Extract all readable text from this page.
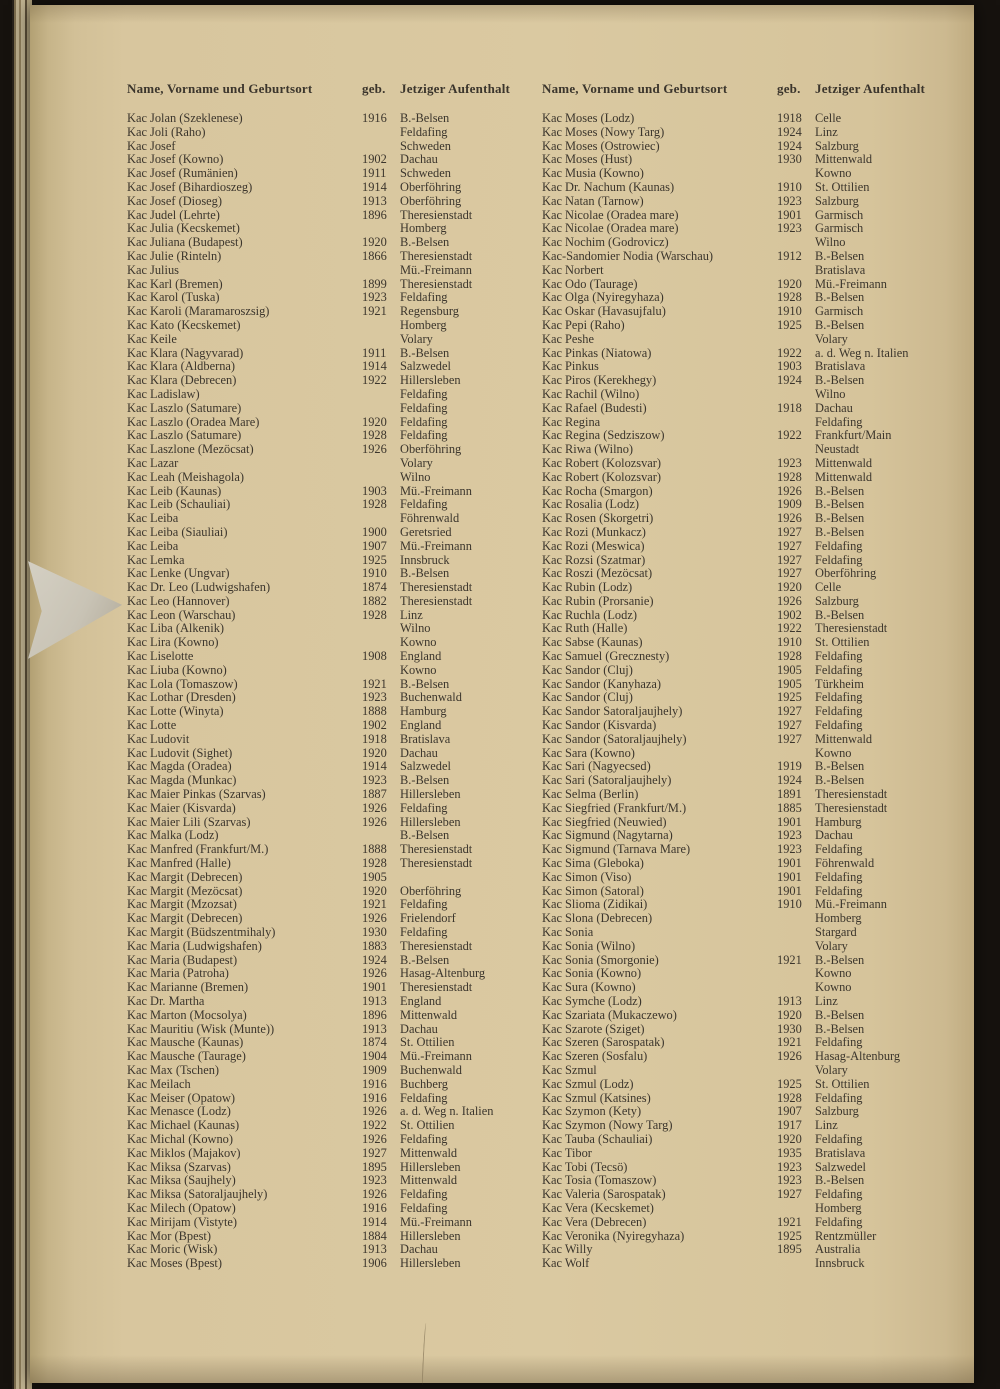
Name, Vorname und Geburtsort	geb.	Jetziger Aufenthalt
Kac Jolan (Szeklenese)	1916	B.-Belsen
Kac Joli (Raho)	Feldafing
Kac Josef	Schweden
Kac Josef (Kowno)	1902	Dachau
Kac Josef (Rumänien)	1911	Schweden
Kac Josef (Bihardioszeg)	1914	Oberföhring
Kac Josef (Dioseg)	1913	Oberföhring
Kac Judel (Lehrte)	1896	Theresienstadt
Kac Julia (Kecskemet)	Homberg
Kac Juliana (Budapest)	1920	B.-Belsen
Kac Julie (Rinteln)	1866	Theresienstadt
Kac Julius	Mü.-Freimann
Kac Karl (Bremen)	1899	Theresienstadt
Kac Karol (Tuska)	1923	Feldafing
Kac Karoli (Maramaroszsig)	1921	Regensburg
Kac Kato (Kecskemet)	Homberg
Kac Keile	Volary
Kac Klara (Nagyvarad)	1911	B.-Belsen
Kac Klara (Aldberna)	1914	Salzwedel
Kac Klara (Debrecen)	1922	Hillersleben
Kac Ladislaw)	Feldafing
Kac Laszlo (Satumare)	Feldafing
Kac Laszlo (Oradea Mare)	1920	Feldafing
Kac Laszlo (Satumare)	1928	Feldafing
Kac Laszlone (Mezöcsat)	1926	Oberföhring
Kac Lazar	Volary
Kac Leah (Meishagola)	Wilno
Kac Leib (Kaunas)	1903	Mü.-Freimann
Kac Leib (Schauliai)	1928	Feldafing
Kac Leiba	Föhrenwald
Kac Leiba (Siauliai)	1900	Geretsried
Kac Leiba	1907	Mü.-Freimann
Kac Lemka	1925	Innsbruck
Kac Lenke (Ungvar)	1910	B.-Belsen
Kac Dr. Leo (Ludwigshafen)	1874	Theresienstadt
Kac Leo (Hannover)	1882	Theresienstadt
Kac Leon (Warschau)	1928	Linz
Kac Liba (Alkenik)	Wilno
Kac Lira (Kowno)	Kowno
Kac Liselotte	1908	England
Kac Liuba (Kowno)	Kowno
Kac Lola (Tomaszow)	1921	B.-Belsen
Kac Lothar (Dresden)	1923	Buchenwald
Kac Lotte (Winyta)	1888	Hamburg
Kac Lotte	1902	England
Kac Ludovit	1918	Bratislava
Kac Ludovit (Sighet)	1920	Dachau
Kac Magda (Oradea)	1914	Salzwedel
Kac Magda (Munkac)	1923	B.-Belsen
Kac Maier Pinkas (Szarvas)	1887	Hillersleben
Kac Maier (Kisvarda)	1926	Feldafing
Kac Maier Lili (Szarvas)	1926	Hillersleben
Kac Malka (Lodz)	B.-Belsen
Kac Manfred (Frankfurt/M.)	1888	Theresienstadt
Kac Manfred (Halle)	1928	Theresienstadt
Kac Margit (Debrecen)	1905
Kac Margit (Mezöcsat)	1920	Oberföhring
Kac Margit (Mzozsat)	1921	Feldafing
Kac Margit (Debrecen)	1926	Frielendorf
Kac Margit (Büdszentmihaly)	1930	Feldafing
Kac Maria (Ludwigshafen)	1883	Theresienstadt
Kac Maria (Budapest)	1924	B.-Belsen
Kac Maria (Patroha)	1926	Hasag-Altenburg
Kac Marianne (Bremen)	1901	Theresienstadt
Kac Dr. Martha	1913	England
Kac Marton (Mocsolya)	1896	Mittenwald
Kac Mauritiu (Wisk (Munte))	1913	Dachau
Kac Mausche (Kaunas)	1874	St. Ottilien
Kac Mausche (Taurage)	1904	Mü.-Freimann
Kac Max (Tschen)	1909	Buchenwald
Kac Meilach	1916	Buchberg
Kac Meiser (Opatow)	1916	Feldafing
Kac Menasce (Lodz)	1926	a. d. Weg n. Italien
Kac Michael (Kaunas)	1922	St. Ottilien
Kac Michal (Kowno)	1926	Feldafing
Kac Miklos (Majakov)	1927	Mittenwald
Kac Miksa (Szarvas)	1895	Hillersleben
Kac Miksa (Saujhely)	1923	Mittenwald
Kac Miksa (Satoraljaujhely)	1926	Feldafing
Kac Milech (Opatow)	1916	Feldafing
Kac Mirijam (Vistyte)	1914	Mü.-Freimann
Kac Mor (Bpest)	1884	Hillersleben
Kac Moric (Wisk)	1913	Dachau
Kac Moses (Bpest)	1906	Hillersleben
Name, Vorname und Geburtsort	geb.	Jetziger Aufenthalt
Kac Moses (Lodz)	1918	Celle
Kac Moses (Nowy Targ)	1924	Linz
Kac Moses (Ostrowiec)	1924	Salzburg
Kac Moses (Hust)	1930	Mittenwald
Kac Musia (Kowno)	Kowno
Kac Dr. Nachum (Kaunas)	1910	St. Ottilien
Kac Natan (Tarnow)	1923	Salzburg
Kac Nicolae (Oradea mare)	1901	Garmisch
Kac Nicolae (Oradea mare)	1923	Garmisch
Kac Nochim (Godrovicz)	Wilno
Kac-Sandomier Nodia (Warschau)	1912	B.-Belsen
Kac Norbert	Bratislava
Kac Odo (Taurage)	1920	Mü.-Freimann
Kac Olga (Nyiregyhaza)	1928	B.-Belsen
Kac Oskar (Havasujfalu)	1910	Garmisch
Kac Pepi (Raho)	1925	B.-Belsen
Kac Peshe	Volary
Kac Pinkas (Niatowa)	1922	a. d. Weg n. Italien
Kac Pinkus	1903	Bratislava
Kac Piros (Kerekhegy)	1924	B.-Belsen
Kac Rachil (Wilno)	Wilno
Kac Rafael (Budesti)	1918	Dachau
Kac Regina	Feldafing
Kac Regina (Sedziszow)	1922	Frankfurt/Main
Kac Riwa (Wilno)	Neustadt
Kac Robert (Kolozsvar)	1923	Mittenwald
Kac Robert (Kolozsvar)	1928	Mittenwald
Kac Rocha (Smargon)	1926	B.-Belsen
Kac Rosalia (Lodz)	1909	B.-Belsen
Kac Rosen (Skorgetri)	1926	B.-Belsen
Kac Rozi (Munkacz)	1927	B.-Belsen
Kac Rozi (Meswica)	1927	Feldafing
Kac Rozsi (Szatmar)	1927	Feldafing
Kac Roszi (Mezöcsat)	1927	Oberföhring
Kac Rubin (Lodz)	1920	Celle
Kac Rubin (Prorsanie)	1926	Salzburg
Kac Ruchla (Lodz)	1902	B.-Belsen
Kac Ruth (Halle)	1922	Theresienstadt
Kac Sabse (Kaunas)	1910	St. Ottilien
Kac Samuel (Grecznesty)	1928	Feldafing
Kac Sandor (Cluj)	1905	Feldafing
Kac Sandor (Kanyhaza)	1905	Türkheim
Kac Sandor (Cluj)	1925	Feldafing
Kac Sandor Satoraljaujhely)	1927	Feldafing
Kac Sandor (Kisvarda)	1927	Feldafing
Kac Sandor (Satoraljaujhely)	1927	Mittenwald
Kac Sara (Kowno)	Kowno
Kac Sari (Nagyecsed)	1919	B.-Belsen
Kac Sari (Satoraljaujhely)	1924	B.-Belsen
Kac Selma (Berlin)	1891	Theresienstadt
Kac Siegfried (Frankfurt/M.)	1885	Theresienstadt
Kac Siegfried (Neuwied)	1901	Hamburg
Kac Sigmund (Nagytarna)	1923	Dachau
Kac Sigmund (Tarnava Mare)	1923	Feldafing
Kac Sima (Gleboka)	1901	Föhrenwald
Kac Simon (Viso)	1901	Feldafing
Kac Simon (Satoral)	1901	Feldafing
Kac Slioma (Zidikai)	1910	Mü.-Freimann
Kac Slona (Debrecen)	Homberg
Kac Sonia	Stargard
Kac Sonia (Wilno)	Volary
Kac Sonia (Smorgonie)	1921	B.-Belsen
Kac Sonia (Kowno)	Kowno
Kac Sura (Kowno)	Kowno
Kac Symche (Lodz)	1913	Linz
Kac Szariata (Mukaczewo)	1920	B.-Belsen
Kac Szarote (Sziget)	1930	B.-Belsen
Kac Szeren (Sarospatak)	1921	Feldafing
Kac Szeren (Sosfalu)	1926	Hasag-Altenburg
Kac Szmul	Volary
Kac Szmul (Lodz)	1925	St. Ottilien
Kac Szmul (Katsines)	1928	Feldafing
Kac Szymon (Kety)	1907	Salzburg
Kac Szymon (Nowy Targ)	1917	Linz
Kac Tauba (Schauliai)	1920	Feldafing
Kac Tibor	1935	Bratislava
Kac Tobi (Tecsö)	1923	Salzwedel
Kac Tosia (Tomaszow)	1923	B.-Belsen
Kac Valeria (Sarospatak)	1927	Feldafing
Kac Vera (Kecskemet)	Homberg
Kac Vera (Debrecen)	1921	Feldafing
Kac Veronika (Nyiregyhaza)	1925	Rentzmüller
Kac Willy	1895	Australia
Kac Wolf	Innsbruck
